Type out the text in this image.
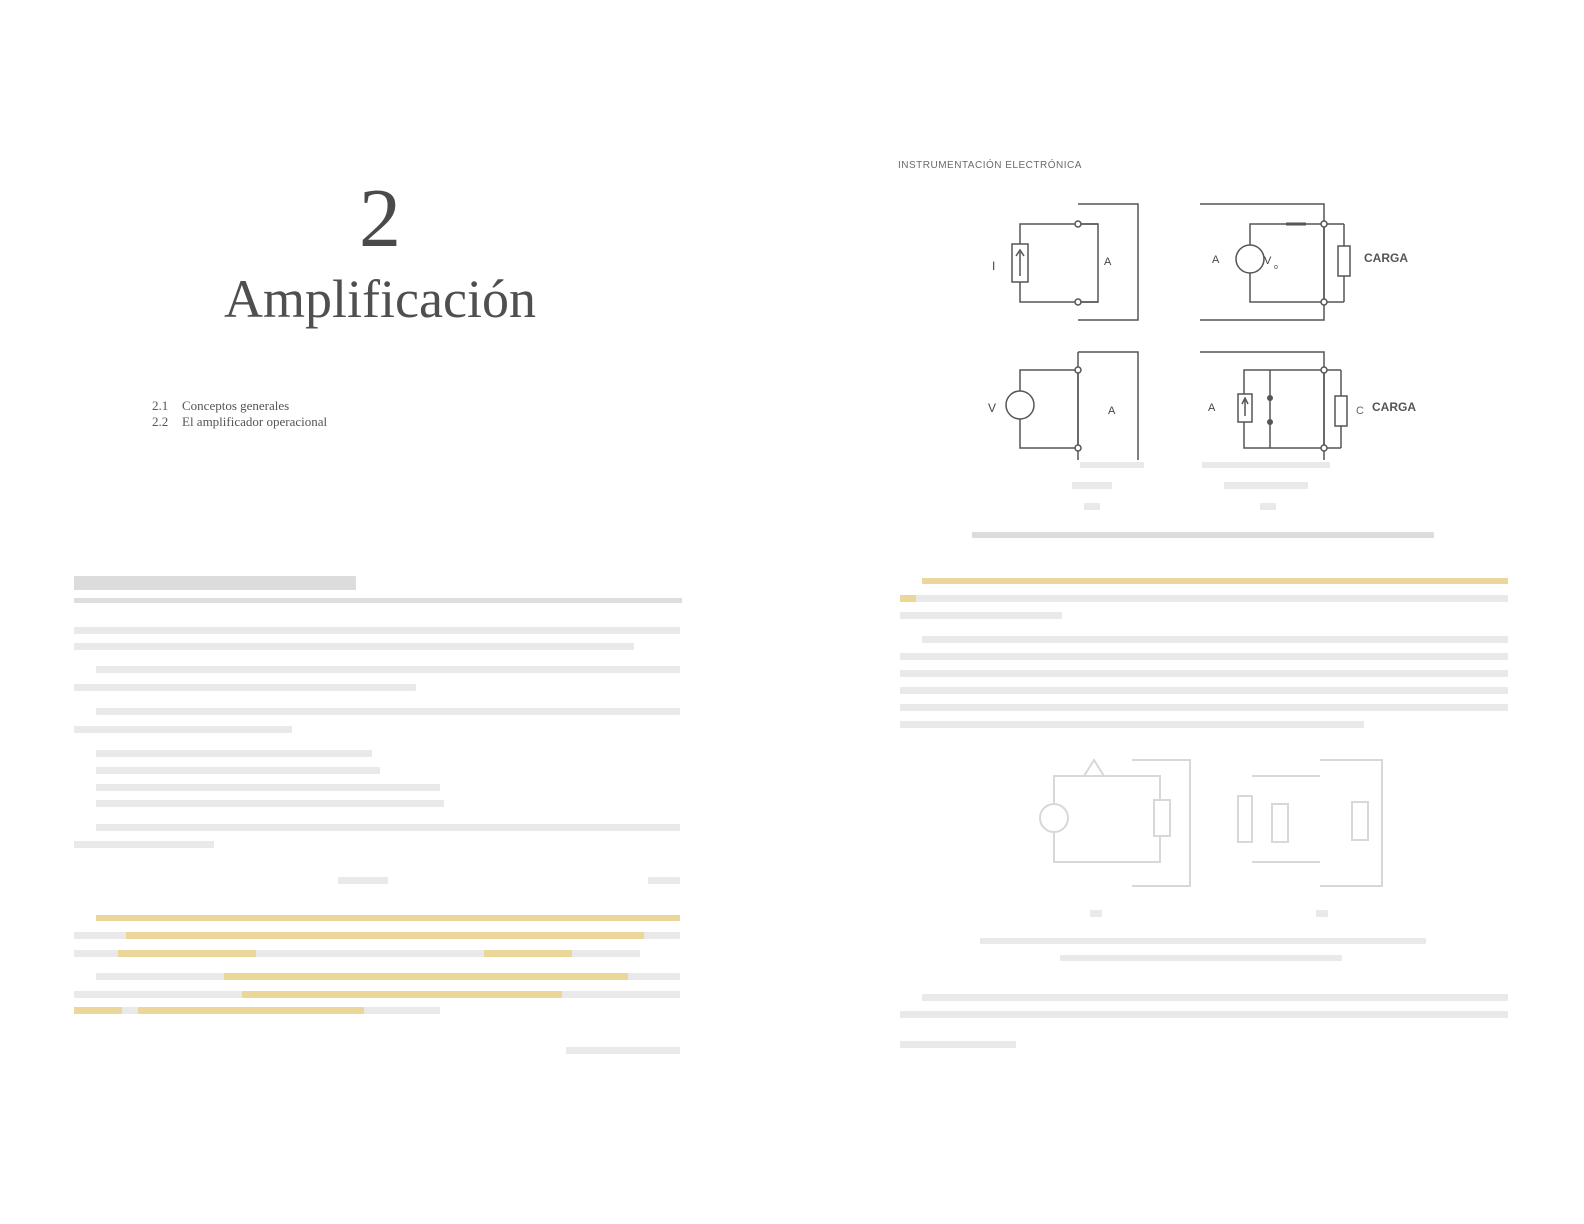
2
Amplificación
2.1 Conceptos generales
2.2 El amplificador operacional
INSTRUMENTACIÓN ELECTRÓNICA
I	A	A	V
o
CARGA
V	A	A	C CARGA
